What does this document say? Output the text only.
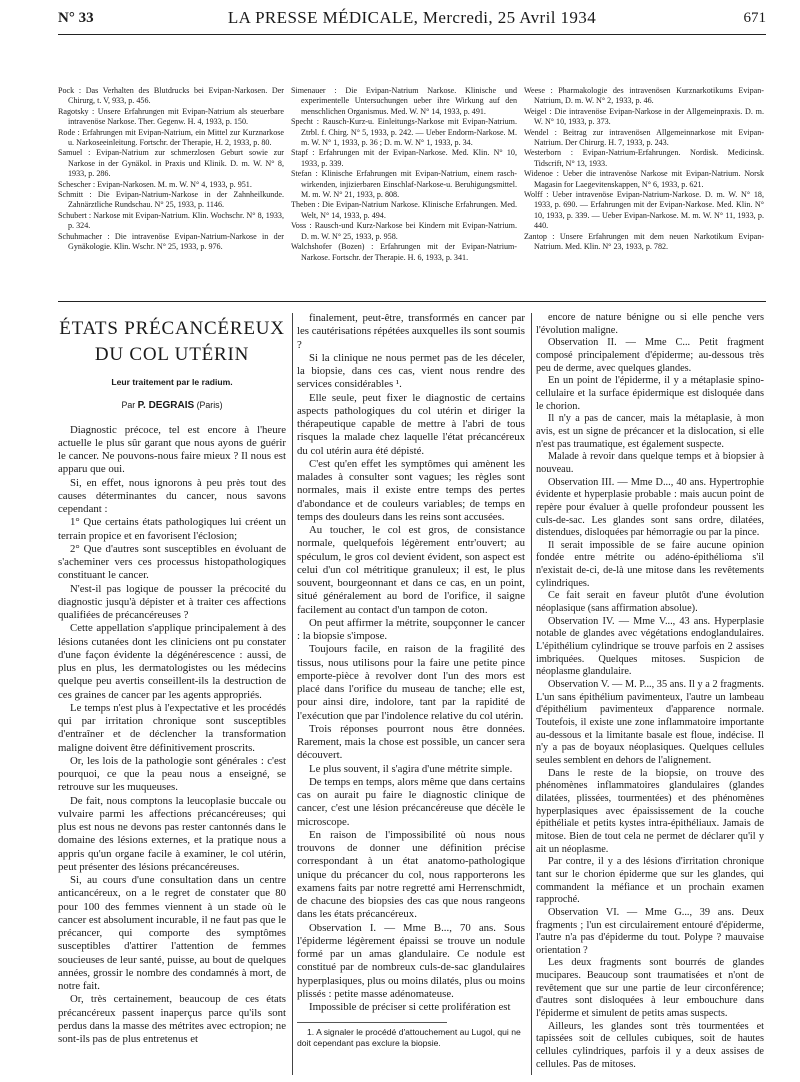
N° 33	LA PRESSE MÉDICALE, Mercredi, 25 Avril 1934	671

Pock : Das Verhalten des Blutdrucks bei Evipan-Narkosen. Der Chirurg, t. V, 933, p. 456.

Ragotsky : Unsere Erfahrungen mit Evipan-Natrium als steuerbare intravenöse Narkose. Ther. Gegenw. H. 4, 1933, p. 150.

Rode : Erfahrungen mit Evipan-Natrium, ein Mittel zur Kurznarkose u. Narkoseeinleitung. Fortschr. der Therapie, H. 2, 1933, p. 80.

Samuel : Evipan-Natrium zur schmerzlosen Geburt sowie zur Narkose in der Gynäkol. in Praxis und Klinik. D. m. W. N° 8, 1933, p. 286.

Schescher : Evipan-Narkosen. M. m. W. N° 4, 1933, p. 951.

Schmitt : Die Evipan-Natrium-Narkose in der Zahnheilkunde. Zahnärztliche Rundschau. N° 25, 1933, p. 1146.

Schubert : Narkose mit Evipan-Natrium. Klin. Wochschr. N° 8, 1933, p. 324.

Schuhmacher : Die intravenöse Evipan-Natrium-Narkose in der Gynäkologie. Klin. Wschr. N° 25, 1933, p. 976.

Simenauer : Die Evipan-Natrium Narkose. Klinische und experimentelle Untersuchungen ueber ihre Wirkung auf den menschlichen Organismus. Med. W. N° 14, 1933, p. 491.

Specht : Rausch-Kurz-u. Einleitungs-Narkose mit Evipan-Natrium. Ztrbl. f. Chirg. N° 5, 1933, p. 242. — Ueber Endorm-Narkose. M. m. W. N° 1, 1933, p. 36 ; D. m. W. N° 1, 1933, p. 34.

Stapf : Erfahrungen mit der Evipan-Narkose. Med. Klin. N° 10, 1933, p. 339.

Stefan : Klinische Erfahrungen mit Evipan-Natrium, einem rasch-wirkenden, injizierbaren Einschlaf-Narkose-u. Beruhigungsmittel. M. m. W. N° 21, 1933, p. 808.

Theben : Die Evipan-Natrium Narkose. Klinische Erfahrungen. Med. Welt, N° 14, 1933, p. 494.

Voss : Rausch-und Kurz-Narkose bei Kindern mit Evipan-Natrium. D. m. W. N° 25, 1933, p. 958.

Walchshofer (Bozen) : Erfahrungen mit der Evipan-Natrium-Narkose. Fortschr. der Therapie. H. 6, 1933, p. 341.

Weese : Pharmakologie des intravenösen Kurznarkotikums Evipan-Natrium, D. m. W. N° 2, 1933, p. 46.

Weigel : Die intravenöse Evipan-Narkose in der Allgemeinpraxis. D. m. W. N° 10, 1933, p. 373.

Wendel : Beitrag zur intravenösen Allgemeinnarkose mit Evipan-Natrium. Der Chirurg. H. 7, 1933, p. 243.

Westerborn : Evipan-Natrium-Erfahrungen. Nordisk. Medicinsk. Tidscrift, N° 13, 1933.

Widenoe : Ueber die intravenöse Narkose mit Evipan-Natrium. Norsk Magasin for Laegevitenskappen, N° 6, 1933, p. 621.

Wolff : Ueber intravenöse Evipan-Natrium-Narkose. D. m. W. N° 18, 1933, p. 690. — Erfahrungen mit der Evipan-Narkose. Med. Klin. N° 10, 1933, p. 339. — Ueber Evipan-Narkose. M. m. W. N° 11, 1933, p. 440.

Zantop : Unsere Erfahrungen mit dem neuen Narkotikum Evipan-Natrium. Med. Klin. N° 23, 1933, p. 782.

ÉTATS PRÉCANCÉREUX
DU COL UTÉRIN
Leur traitement par le radium.
Par P. DEGRAIS (Paris)

Diagnostic précoce, tel est encore à l'heure actuelle le plus sûr garant que nous ayons de guérir le cancer. Ne pouvons-nous faire mieux ? Il nous est apparu que oui.

Si, en effet, nous ignorons à peu près tout des causes déterminantes du cancer, nous savons cependant :

1° Que certains états pathologiques lui créent un terrain propice et en favorisent l'éclosion;

2° Que d'autres sont susceptibles en évoluant de s'acheminer vers ces processus histopathologiques constituant le cancer.

N'est-il pas logique de pousser la précocité du diagnostic jusqu'à dépister et à traiter ces affections qualifiées de précancéreuses ?

Cette appellation s'applique principalement à des lésions cutanées dont les cliniciens ont pu constater d'une façon évidente la dégénérescence : aussi, de plus en plus, les dermatologistes ou les médecins quelque peu avertis conseillent-ils la destruction de ces graines de cancer par les agents appropriés.

Le temps n'est plus à l'expectative et les procédés qui par irritation chronique sont susceptibles d'entraîner et de déclencher la transformation maligne doivent être définitivement proscrits.

Or, les lois de la pathologie sont générales : c'est pourquoi, ce que la peau nous a enseigné, se retrouve sur les muqueuses.

De fait, nous comptons la leucoplasie buccale ou vulvaire parmi les affections précancéreuses; qui plus est nous ne devons pas rester cantonnés dans le domaine des lésions externes, et la pratique nous a appris qu'un organe facile à examiner, le col utérin, peut présenter des lésions précancéreuses.

Si, au cours d'une consultation dans un centre anticancéreux, on a le regret de constater que 80 pour 100 des femmes viennent à un stade où le cancer est absolument incurable, il ne faut pas que le précancer, qui comporte des symptômes susceptibles d'attirer l'attention de femmes soucieuses de leur santé, puisse, au bout de quelques années, grossir le nombre des condamnés à mort, de notre fait.

Or, très certainement, beaucoup de ces états précancéreux passent inaperçus parce qu'ils sont perdus dans la masse des métrites avec ectropion; ne sont-ils pas de plus entretenus et

finalement, peut-être, transformés en cancer par les cautérisations répétées auxquelles ils sont soumis ?

Si la clinique ne nous permet pas de les déceler, la biopsie, dans ces cas, vient nous rendre des services considérables ¹.

Elle seule, peut fixer le diagnostic de certains aspects pathologiques du col utérin et diriger la thérapeutique capable de mettre à l'abri de tous risques la malade chez laquelle l'état précancéreux du col utérin aura été dépisté.

C'est qu'en effet les symptômes qui amènent les malades à consulter sont vagues; les règles sont normales, mais il existe entre temps des pertes d'abondance et de couleurs variables; de temps en temps des douleurs dans les reins sont accusées.

Au toucher, le col est gros, de consistance normale, quelquefois légèrement entr'ouvert; au spéculum, le gros col devient évident, son aspect est celui d'un col métritique granuleux; il est, le plus souvent, bourgeonnant et dans ce cas, en un point, situé généralement au bord de l'orifice, il saigne facilement au contact d'un tampon de coton.

On peut affirmer la métrite, soupçonner le cancer : la biopsie s'impose.

Toujours facile, en raison de la fragilité des tissus, nous utilisons pour la faire une petite pince emporte-pièce à revolver dont l'un des mors est placé dans l'orifice du museau de tanche; elle est, pour ainsi dire, indolore, tant par la rapidité de l'exécution que par l'indolence relative du col utérin.

Trois réponses pourront nous être données. Rarement, mais la chose est possible, un cancer sera découvert.

Le plus souvent, il s'agira d'une métrite simple.

De temps en temps, alors même que dans certains cas on aurait pu faire le diagnostic clinique de cancer, c'est une lésion précancéreuse que décèle le microscope.

En raison de l'impossibilité où nous nous trouvons de donner une définition précise correspondant à un état anatomo-pathologique unique du précancer du col, nous rapporterons les examens faits par notre regretté ami Herrenschmidt, de chacune des biopsies des cas que nous rangeons dans les états précancéreux.

Observation I. — Mme B..., 70 ans. Sous l'épiderme légèrement épaissi se trouve un nodule formé par un amas glandulaire. Ce nodule est constitué par de nombreux culs-de-sac glandulaires hyperplasiques, plus ou moins dilatés, plus ou moins plissés : petite masse adénomateuse.

Impossible de préciser si cette prolifération est

1. A signaler le procédé d'attouchement au Lugol, qui ne doit cependant pas exclure la biopsie.

encore de nature bénigne ou si elle penche vers l'évolution maligne.

Observation II. — Mme C... Petit fragment composé principalement d'épiderme; au-dessous très peu de derme, avec quelques glandes.

En un point de l'épiderme, il y a métaplasie spino-cellulaire et la surface épidermique est disloquée dans le chorion.

Il n'y a pas de cancer, mais la métaplasie, à mon avis, est un signe de précancer et la dislocation, si elle n'est pas traumatique, est également suspecte.

Malade à revoir dans quelque temps et à biopsier à nouveau.

Observation III. — Mme D..., 40 ans. Hypertrophie évidente et hyperplasie probable : mais aucun point de repère pour évaluer à quelle profondeur poussent les culs-de-sac. Les glandes sont sans ordre, dilatées, distendues, disloquées par hémorragie ou par la pince.

Il serait impossible de se faire aucune opinion fondée entre métrite ou adéno-épithélioma s'il n'existait de-ci, de-là une mitose dans les revêtements cylindriques.

Ce fait serait en faveur plutôt d'une évolution néoplasique (sans affirmation absolue).

Observation IV. — Mme V..., 43 ans. Hyperplasie notable de glandes avec végétations endoglandulaires. L'épithélium cylindrique se trouve parfois en 2 assises imbriquées. Quelques mitoses. Suspicion de néoplasme glandulaire.

Observation V. — M. P..., 35 ans. Il y a 2 fragments. L'un sans épithélium pavimenteux, l'autre un lambeau d'épithélium pavimenteux d'apparence normale. Toutefois, il existe une zone inflammatoire importante au-dessous et la limitante basale est floue, indécise. Il n'y a pas de boyaux néoplasiques. Quelques cellules seules semblent en dehors de l'alignement.

Dans le reste de la biopsie, on trouve des phénomènes inflammatoires glandulaires (glandes dilatées, plissées, tourmentées) et des phénomènes hyperplasiques avec épaississement de la couche épithéliale et petits kystes intra-épithéliaux. Jamais de mitose. Bien de tout cela ne permet de déclarer qu'il y ait un néoplasme.

Par contre, il y a des lésions d'irritation chronique tant sur le chorion épiderme que sur les glandes, qui commandent la méfiance et un prochain examen rapproché.

Observation VI. — Mme G..., 39 ans. Deux fragments ; l'un est circulairement entouré d'épiderme, l'autre n'a pas d'épiderme du tout. Polype ? mauvaise orientation ?

Les deux fragments sont bourrés de glandes mucipares. Beaucoup sont traumatisées et n'ont de revêtement que sur une partie de leur circonférence; d'autres sont disloquées à leur embouchure dans l'épiderme et simulent de petits amas suspects.

Ailleurs, les glandes sont très tourmentées et tapissées soit de cellules cubiques, soit de hautes cellules cylindriques, parfois il y a deux assises de cellules. Pas de mitoses.
